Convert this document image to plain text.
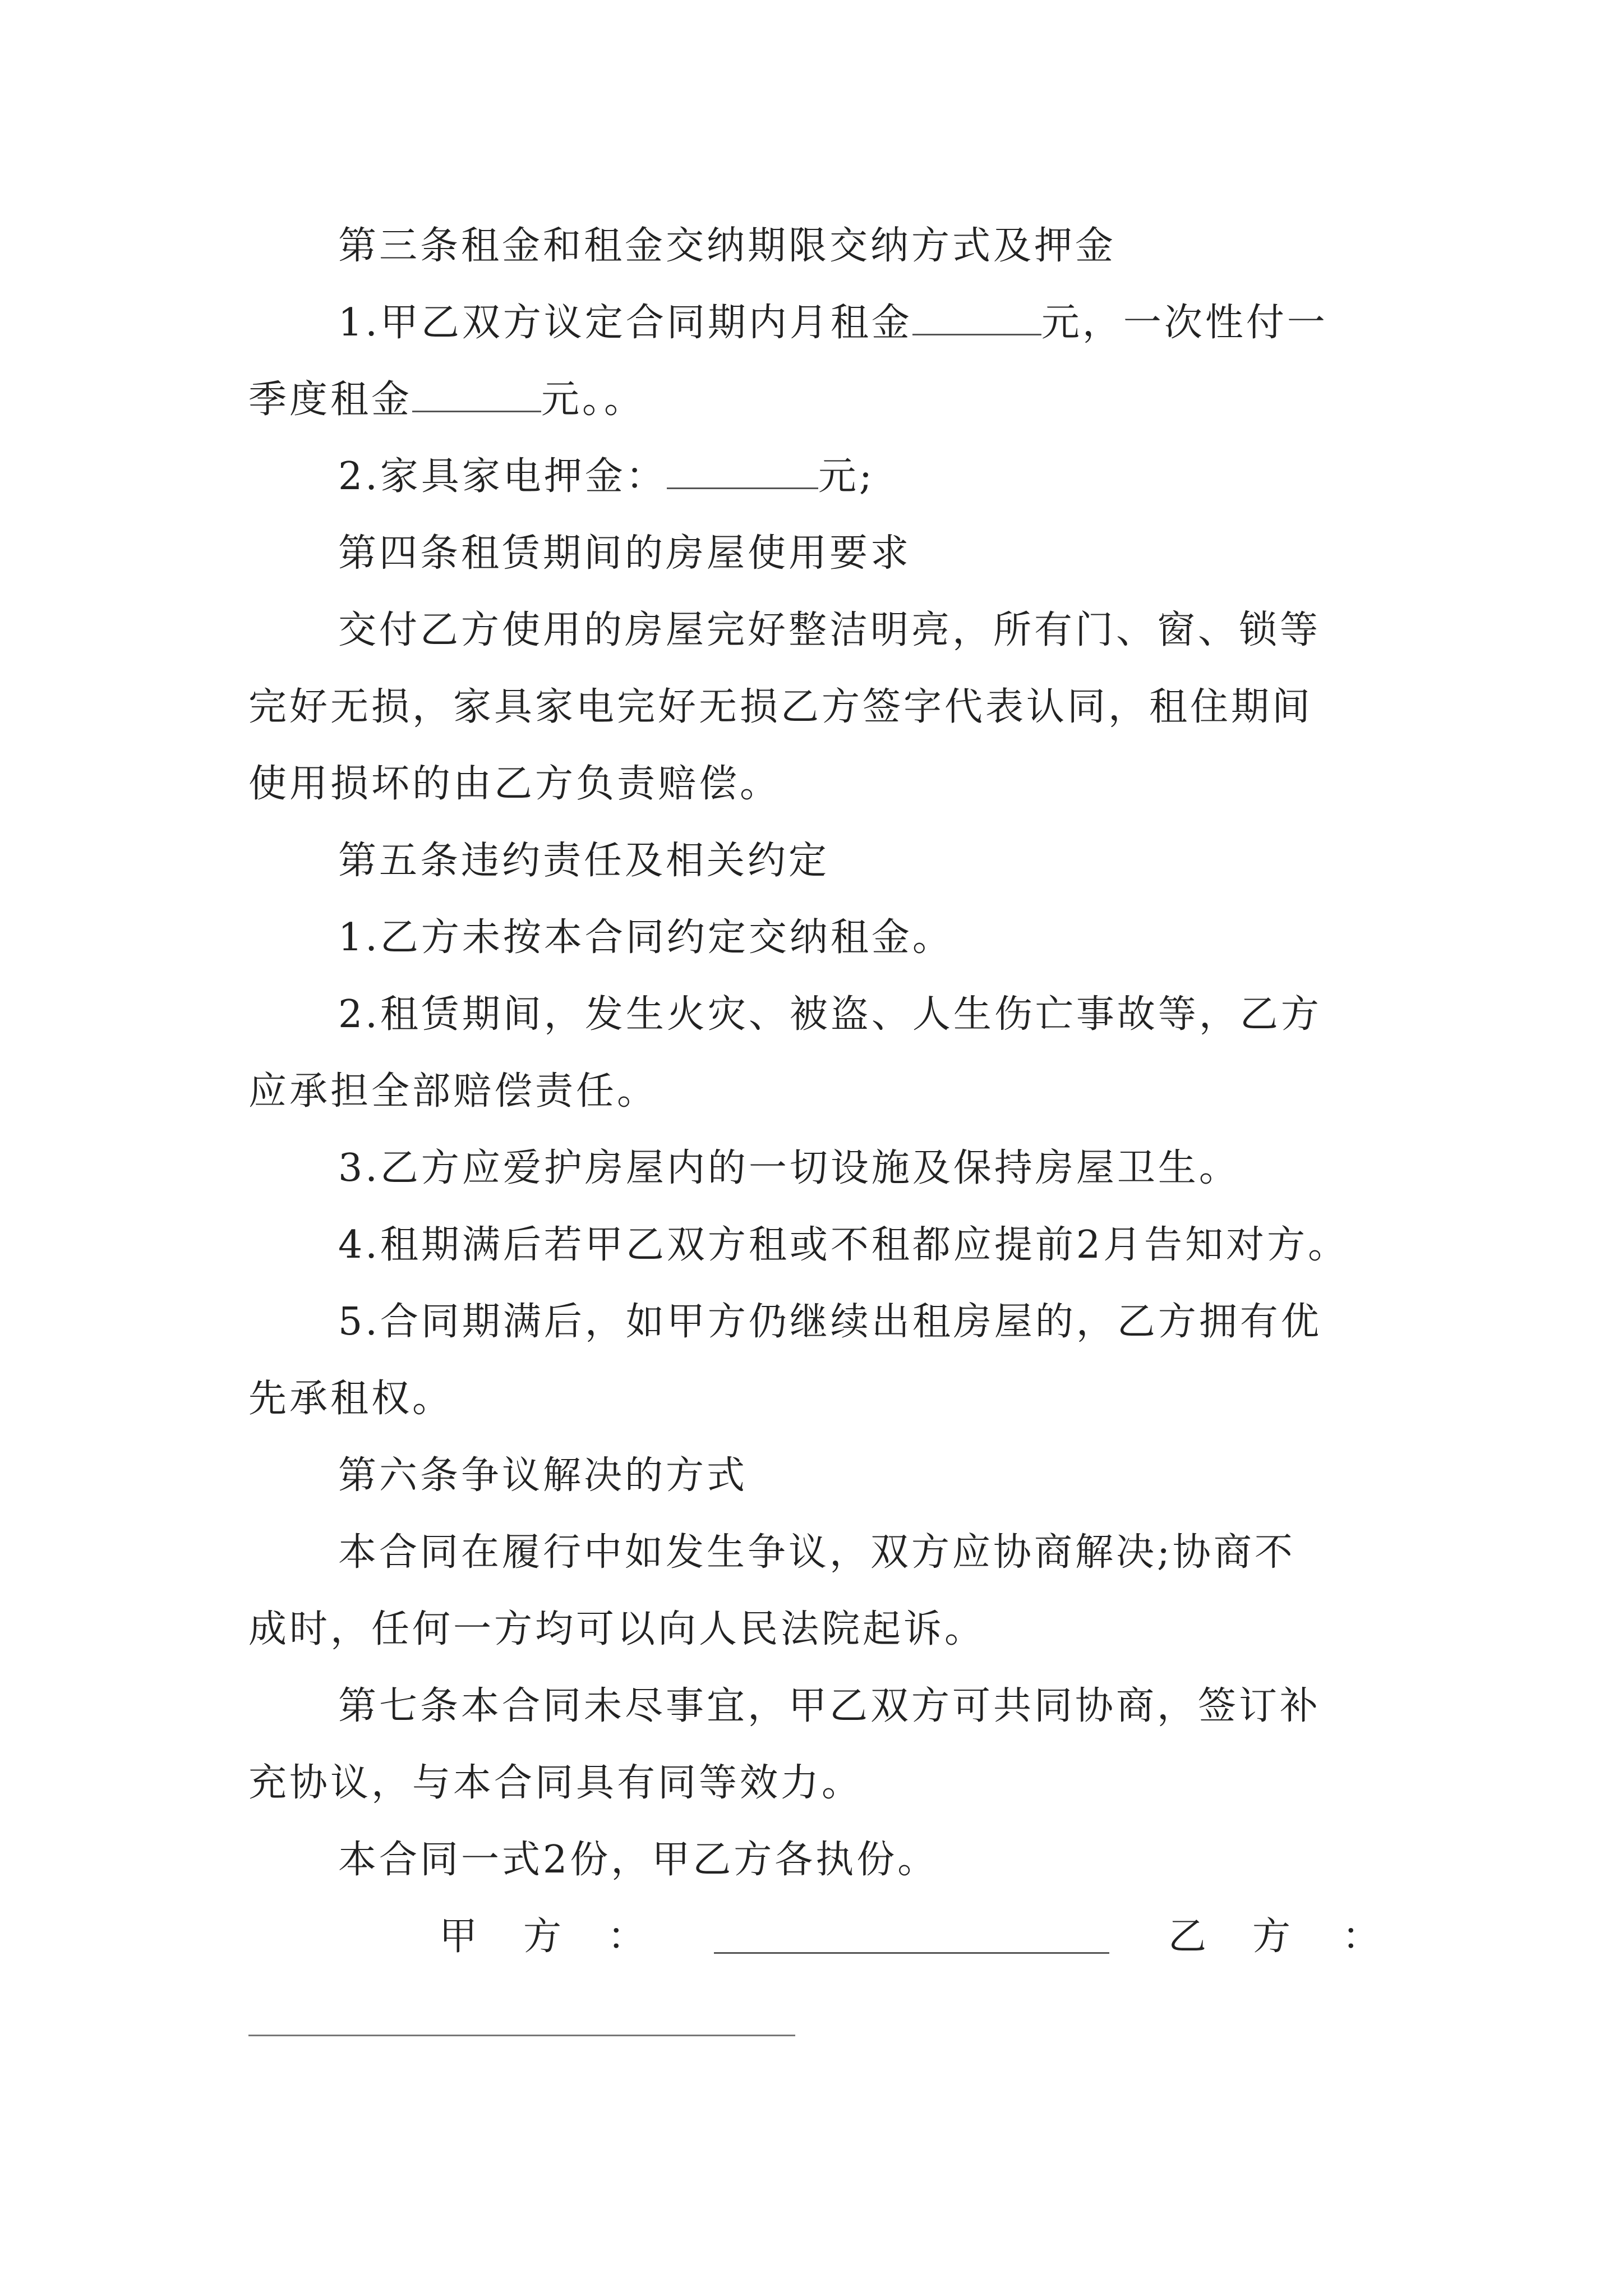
第三条租金和租金交纳期限交纳方式及押金
1.甲乙双方议定合同期内月租金	元，一次性付一
季度租金	元。。
2.家具家电押金：	元;
第四条租赁期间的房屋使用要求
交付乙方使用的房屋完好整洁明亮，所有门、窗、锁等
完好无损，家具家电完好无损乙方签字代表认同，租住期间
使用损坏的由乙方负责赔偿。
第五条违约责任及相关约定
1.乙方未按本合同约定交纳租金。
2.租赁期间，发生火灾、被盗、人生伤亡事故等，乙方
应承担全部赔偿责任。
3.乙方应爱护房屋内的一切设施及保持房屋卫生。
4.租期满后若甲乙双方租或不租都应提前2月告知对方。
5.合同期满后，如甲方仍继续出租房屋的，乙方拥有优
先承租权。
第六条争议解决的方式
本合同在履行中如发生争议，双方应协商解决;协商不
成时，任何一方均可以向人民法院起诉。
第七条本合同未尽事宜，甲乙双方可共同协商，签订补
充协议，与本合同具有同等效力。
本合同一式2份，甲乙方各执份。
甲 方 ：	乙 方 ：
